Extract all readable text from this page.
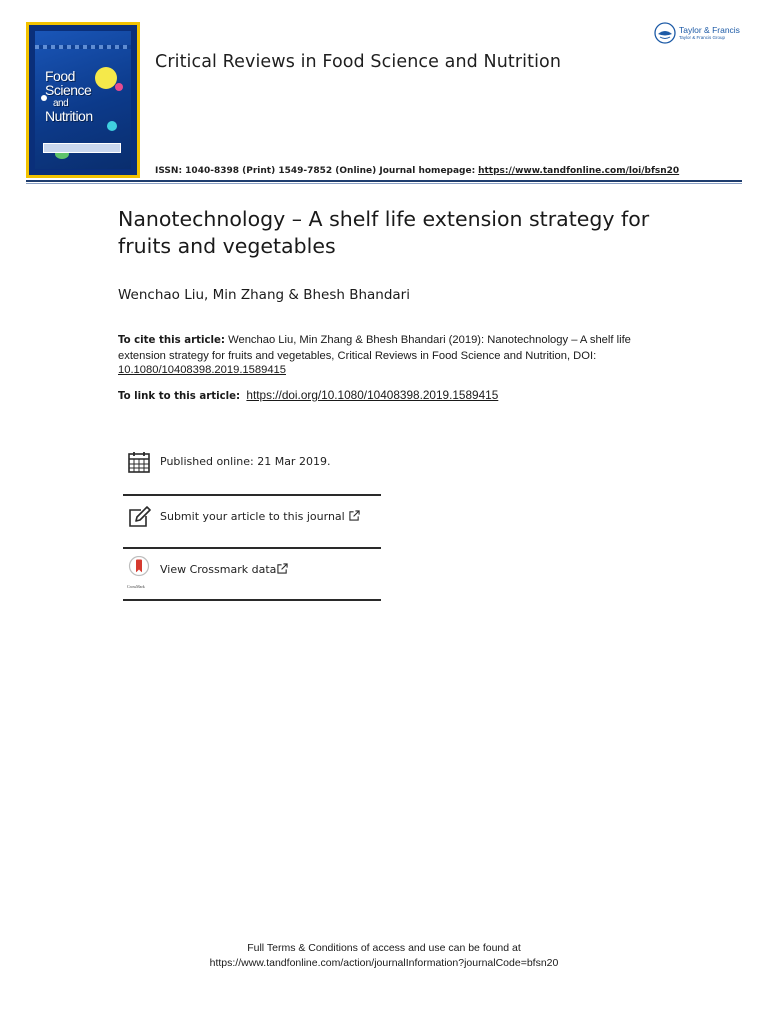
Food
Science
and
Nutrition
Critical Reviews in Food Science and Nutrition
ISSN: 1040-8398 (Print) 1549-7852 (Online) Journal homepage: https://www.tandfonline.com/loi/bfsn20
Taylor & Francis
Taylor & Francis Group
Nanotechnology – A shelf life extension strategy for fruits and vegetables
Wenchao Liu, Min Zhang & Bhesh Bhandari
To cite this article: Wenchao Liu, Min Zhang & Bhesh Bhandari (2019): Nanotechnology – A shelf life extension strategy for fruits and vegetables, Critical Reviews in Food Science and Nutrition, DOI: 10.1080/10408398.2019.1589415
To link to this article: https://doi.org/10.1080/10408398.2019.1589415
Published online: 21 Mar 2019.
Submit your article to this journal
CrossMark
View Crossmark data
Full Terms & Conditions of access and use can be found at
https://www.tandfonline.com/action/journalInformation?journalCode=bfsn20
